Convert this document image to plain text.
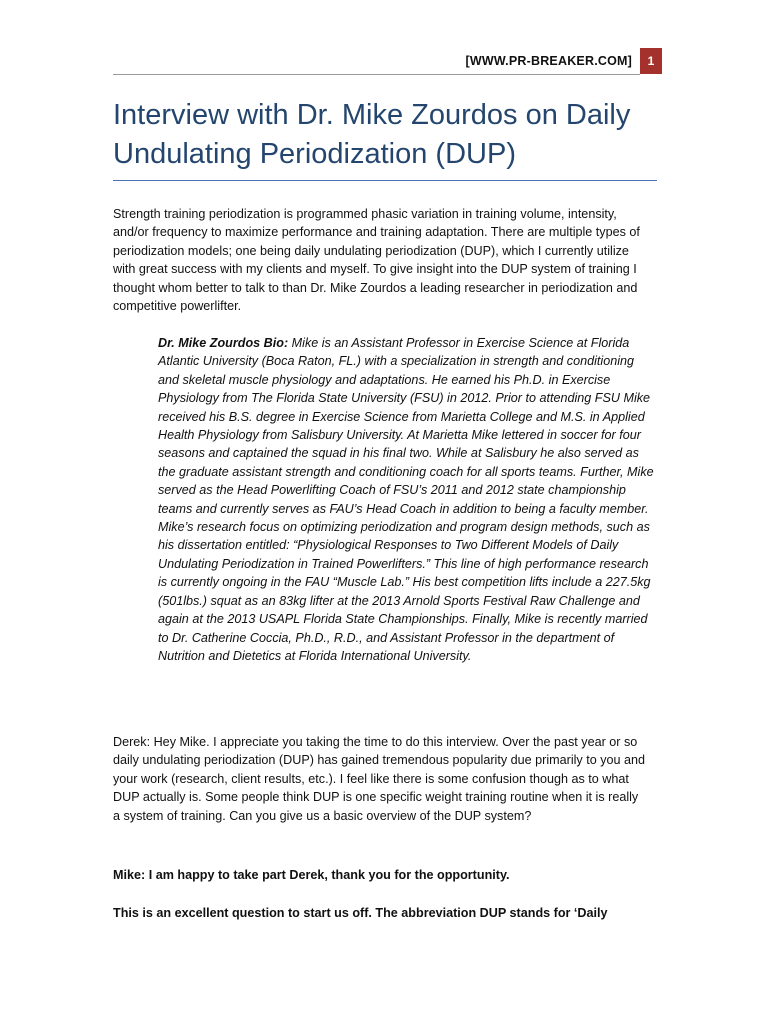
[WWW.PR-BREAKER.COM]	1
Interview with Dr. Mike Zourdos on Daily Undulating Periodization (DUP)

Strength training periodization is programmed phasic variation in training volume, intensity, and/or frequency to maximize performance and training adaptation. There are multiple types of periodization models; one being daily undulating periodization (DUP), which I currently utilize with great success with my clients and myself. To give insight into the DUP system of training I thought whom better to talk to than Dr. Mike Zourdos a leading researcher in periodization and competitive powerlifter.

Dr. Mike Zourdos Bio: Mike is an Assistant Professor in Exercise Science at Florida Atlantic University (Boca Raton, FL.) with a specialization in strength and conditioning and skeletal muscle physiology and adaptations. He earned his Ph.D. in Exercise Physiology from The Florida State University (FSU) in 2012. Prior to attending FSU Mike received his B.S. degree in Exercise Science from Marietta College and M.S. in Applied Health Physiology from Salisbury University. At Marietta Mike lettered in soccer for four seasons and captained the squad in his final two. While at Salisbury he also served as the graduate assistant strength and conditioning coach for all sports teams. Further, Mike served as the Head Powerlifting Coach of FSU’s 2011 and 2012 state championship teams and currently serves as FAU’s Head Coach in addition to being a faculty member. Mike’s research focus on optimizing periodization and program design methods, such as his dissertation entitled: “Physiological Responses to Two Different Models of Daily Undulating Periodization in Trained Powerlifters.” This line of high performance research is currently ongoing in the FAU “Muscle Lab.” His best competition lifts include a 227.5kg (501lbs.) squat as an 83kg lifter at the 2013 Arnold Sports Festival Raw Challenge and again at the 2013 USAPL Florida State Championships. Finally, Mike is recently married to Dr. Catherine Coccia, Ph.D., R.D., and Assistant Professor in the department of Nutrition and Dietetics at Florida International University.

Derek: Hey Mike. I appreciate you taking the time to do this interview. Over the past year or so daily undulating periodization (DUP) has gained tremendous popularity due primarily to you and your work (research, client results, etc.). I feel like there is some confusion though as to what DUP actually is. Some people think DUP is one specific weight training routine when it is really a system of training. Can you give us a basic overview of the DUP system?

Mike: I am happy to take part Derek, thank you for the opportunity.

This is an excellent question to start us off. The abbreviation DUP stands for ‘Daily
